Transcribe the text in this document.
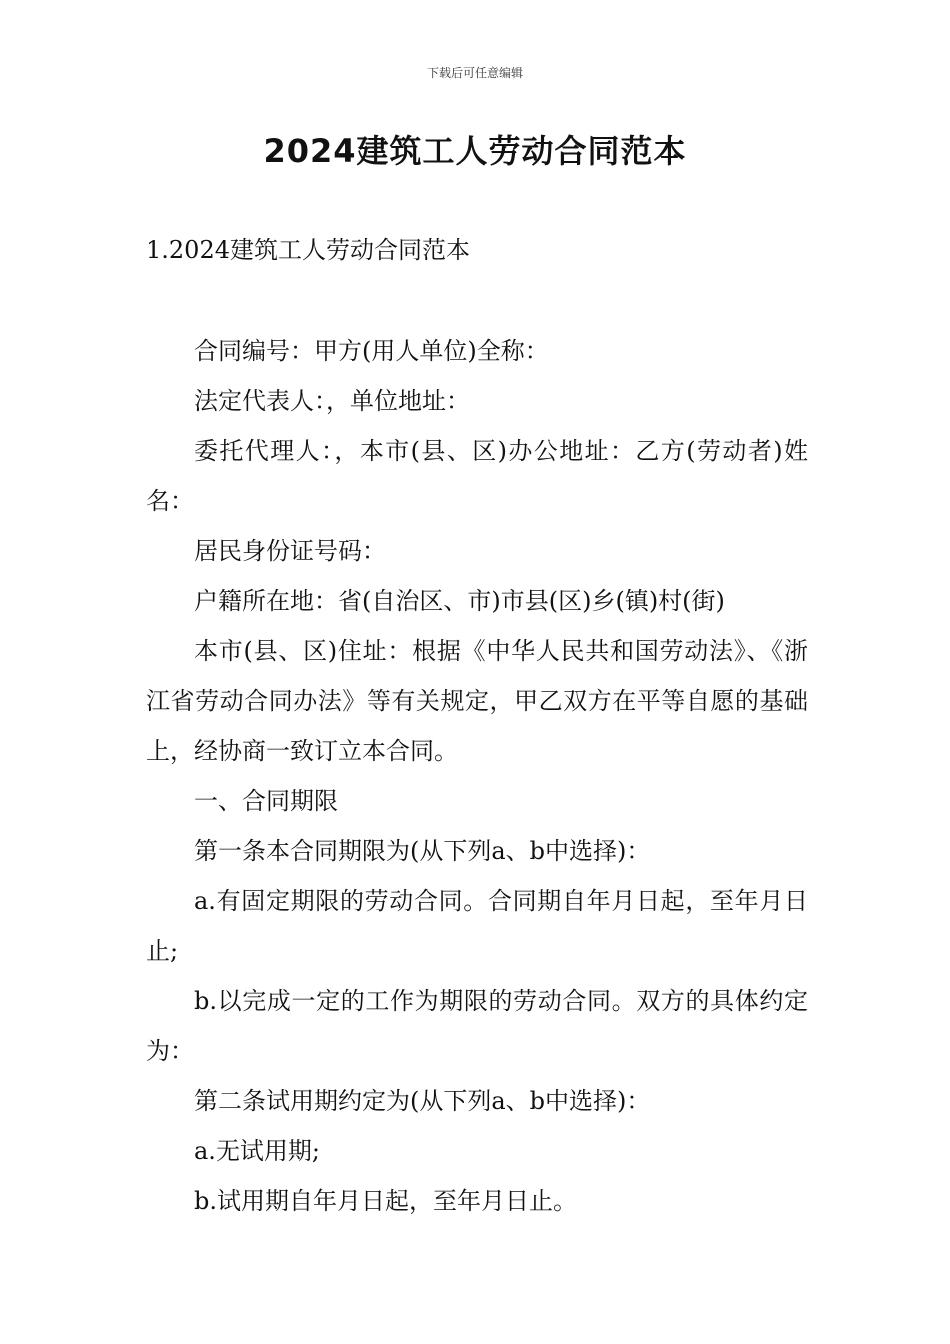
下载后可任意编辑
2024建筑工人劳动合同范本
1.2024建筑工人劳动合同范本

合同编号：甲方(用人单位)全称：

法定代表人：，单位地址：

委托代理人：，本市(县、区)办公地址：乙方(劳动者)姓名：

居民身份证号码：

户籍所在地：省(自治区、市)市县(区)乡(镇)村(街)

本市(县、区)住址：根据《中华人民共和国劳动法》、《浙江省劳动合同办法》等有关规定，甲乙双方在平等自愿的基础上，经协商一致订立本合同。

一、合同期限

第一条本合同期限为(从下列a、b中选择)：

a.有固定期限的劳动合同。合同期自年月日起，至年月日止;

b.以完成一定的工作为期限的劳动合同。双方的具体约定为：

第二条试用期约定为(从下列a、b中选择)：

a.无试用期;

b.试用期自年月日起，至年月日止。
